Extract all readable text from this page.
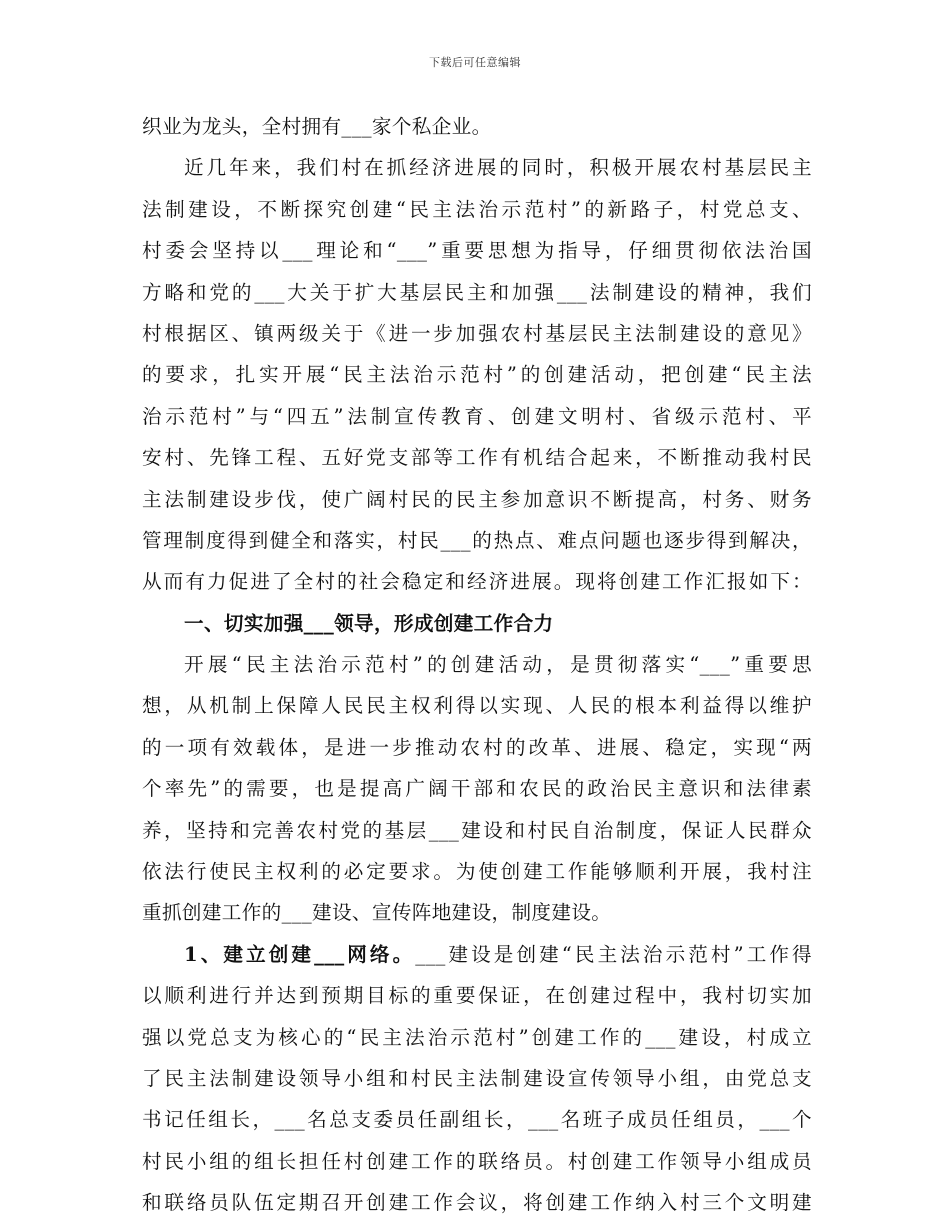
下载后可任意编辑
织业为龙头，全村拥有___家个私企业。
近几年来，我们村在抓经济进展的同时，积极开展农村基层民主
法制建设，不断探究创建“民主法治示范村”的新路子，村党总支、
村委会坚持以___理论和“___”重要思想为指导，仔细贯彻依法治国
方略和党的___大关于扩大基层民主和加强___法制建设的精神，我们
村根据区、镇两级关于《进一步加强农村基层民主法制建设的意见》
的要求，扎实开展“民主法治示范村”的创建活动，把创建“民主法
治示范村”与“四五”法制宣传教育、创建文明村、省级示范村、平
安村、先锋工程、五好党支部等工作有机结合起来，不断推动我村民
主法制建设步伐，使广阔村民的民主参加意识不断提高，村务、财务
管理制度得到健全和落实，村民___的热点、难点问题也逐步得到解决，
从而有力促进了全村的社会稳定和经济进展。现将创建工作汇报如下：
一、切实加强___领导，形成创建工作合力
开展“民主法治示范村”的创建活动，是贯彻落实“___”重要思
想，从机制上保障人民民主权利得以实现、人民的根本利益得以维护
的一项有效载体，是进一步推动农村的改革、进展、稳定，实现“两
个率先”的需要，也是提高广阔干部和农民的政治民主意识和法律素
养，坚持和完善农村党的基层___建设和村民自治制度，保证人民群众
依法行使民主权利的必定要求。为使创建工作能够顺利开展，我村注
重抓创建工作的___建设、宣传阵地建设，制度建设。
1、建立创建___网络。___建设是创建“民主法治示范村”工作得
以顺利进行并达到预期目标的重要保证，在创建过程中，我村切实加
强以党总支为核心的“民主法治示范村”创建工作的___建设，村成立
了民主法制建设领导小组和村民主法制建设宣传领导小组，由党总支
书记任组长，___名总支委员任副组长，___名班子成员任组员，___个
村民小组的组长担任村创建工作的联络员。村创建工作领导小组成员
和联络员队伍定期召开创建工作会议，将创建工作纳入村三个文明建
